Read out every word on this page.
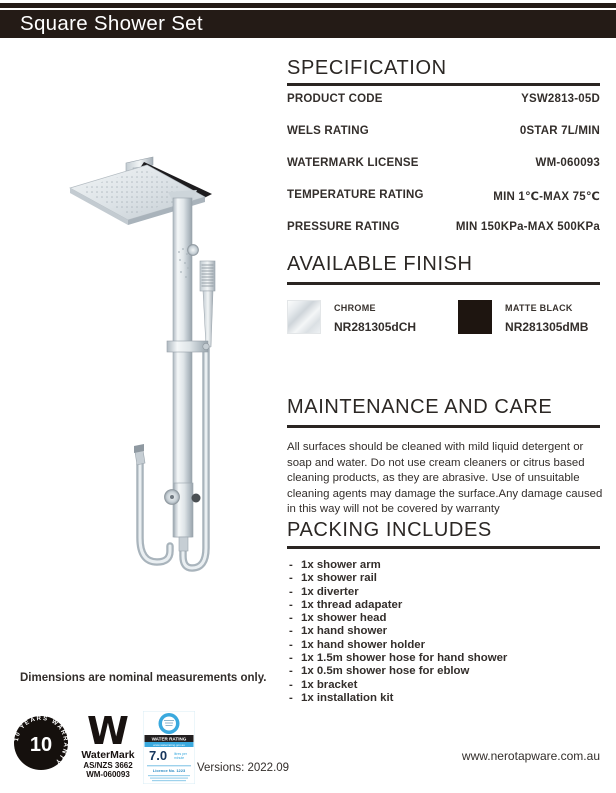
Square Shower Set
SPECIFICATION
PRODUCT CODE	YSW2813-05D
WELS RATING	0STAR 7L/MIN
WATERMARK LICENSE	WM-060093
TEMPERATURE RATING	MIN 1℃-MAX 75℃
PRESSURE RATING	MIN 150KPa-MAX 500KPa
AVAILABLE FINISH
CHROME
NR281305dCH
MATTE BLACK
NR281305dMB
MAINTENANCE AND CARE

All surfaces should be cleaned with mild liquid detergent or soap and water. Do not use cream cleaners or citrus based cleaning products, as they are abrasive. Use of unsuitable cleaning agents may damage the surface.Any damage caused in this way will not be covered by warranty

PACKING INCLUDES
- 1x shower arm
- 1x shower rail
- 1x diverter
- 1x thread adapater
- 1x shower head
- 1x hand shower
- 1x hand shower holder
- 1x 1.5m shower hose for hand shower
- 1x 0.5m shower hose for eblow
- 1x bracket
- 1x installation kit
Dimensions are nominal measurements only.
10 YEARS WARRANTY
10 W
WaterMark
AS/NZS 3662
WM-060093
WATER RATING
www.waterrating.gov.au
7.0 litres per
minute
Licence No. 1223 Versions: 2022.09
www.nerotapware.com.au
